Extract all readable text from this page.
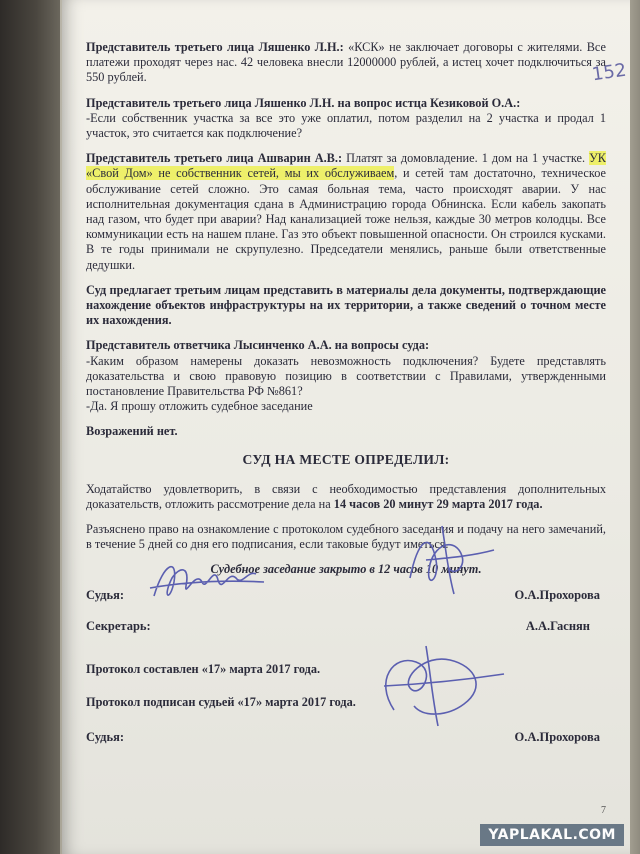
152

Представитель третьего лица Ляшенко Л.Н.: «КСК» не заключает договоры с жителями. Все платежи проходят через нас. 42 человека внесли 12000000 рублей, а истец хочет подключиться за 550 рублей.

Представитель третьего лица Ляшенко Л.Н. на вопрос истца Кезиковой О.А.:
-Если собственник участка за все это уже оплатил, потом разделил на 2 участка и продал 1 участок, это считается как подключение?

Представитель третьего лица Ашварин А.В.: Платят за домовладение. 1 дом на 1 участке. УК «Свой Дом» не собственник сетей, мы их обслуживаем, и сетей там достаточно, техническое обслуживание сетей сложно. Это самая больная тема, часто происходят аварии. У нас исполнительная документация сдана в Администрацию города Обнинска. Если кабель закопать над газом, что будет при аварии? Над канализацией тоже нельзя, каждые 30 метров колодцы. Все коммуникации есть на нашем плане. Газ это объект повышенной опасности. Он строился кусками. В те годы принимали не скрупулезно. Председатели менялись, раньше были ответственные дедушки.

Суд предлагает третьим лицам представить в материалы дела документы, подтверждающие нахождение объектов инфраструктуры на их территории, а также сведений о точном месте их нахождения.

Представитель ответчика Лысинченко А.А. на вопросы суда:
-Каким образом намерены доказать невозможность подключения? Будете представлять доказательства и свою правовую позицию в соответствии с Правилами, утвержденными постановление Правительства РФ №861?
-Да. Я прошу отложить судебное заседание

Возражений нет.

СУД НА МЕСТЕ ОПРЕДЕЛИЛ:

Ходатайство удовлетворить, в связи с необходимостью представления дополнительных доказательств, отложить рассмотрение дела на 14 часов 20 минут 29 марта 2017 года.

Разъяснено право на ознакомление с протоколом судебного заседания и подачу на него замечаний, в течение 5 дней со дня его подписания, если таковые будут иметься.

Судебное заседание закрыто в 12 часов 10 минут.

Судья:	О.А.Прохорова
Секретарь:	А.А.Гаснян

Протокол составлен «17» марта 2017 года.

Протокол подписан судьей «17» марта 2017 года.

Судья:	О.А.Прохорова
7
YAPLAKAL.COM
